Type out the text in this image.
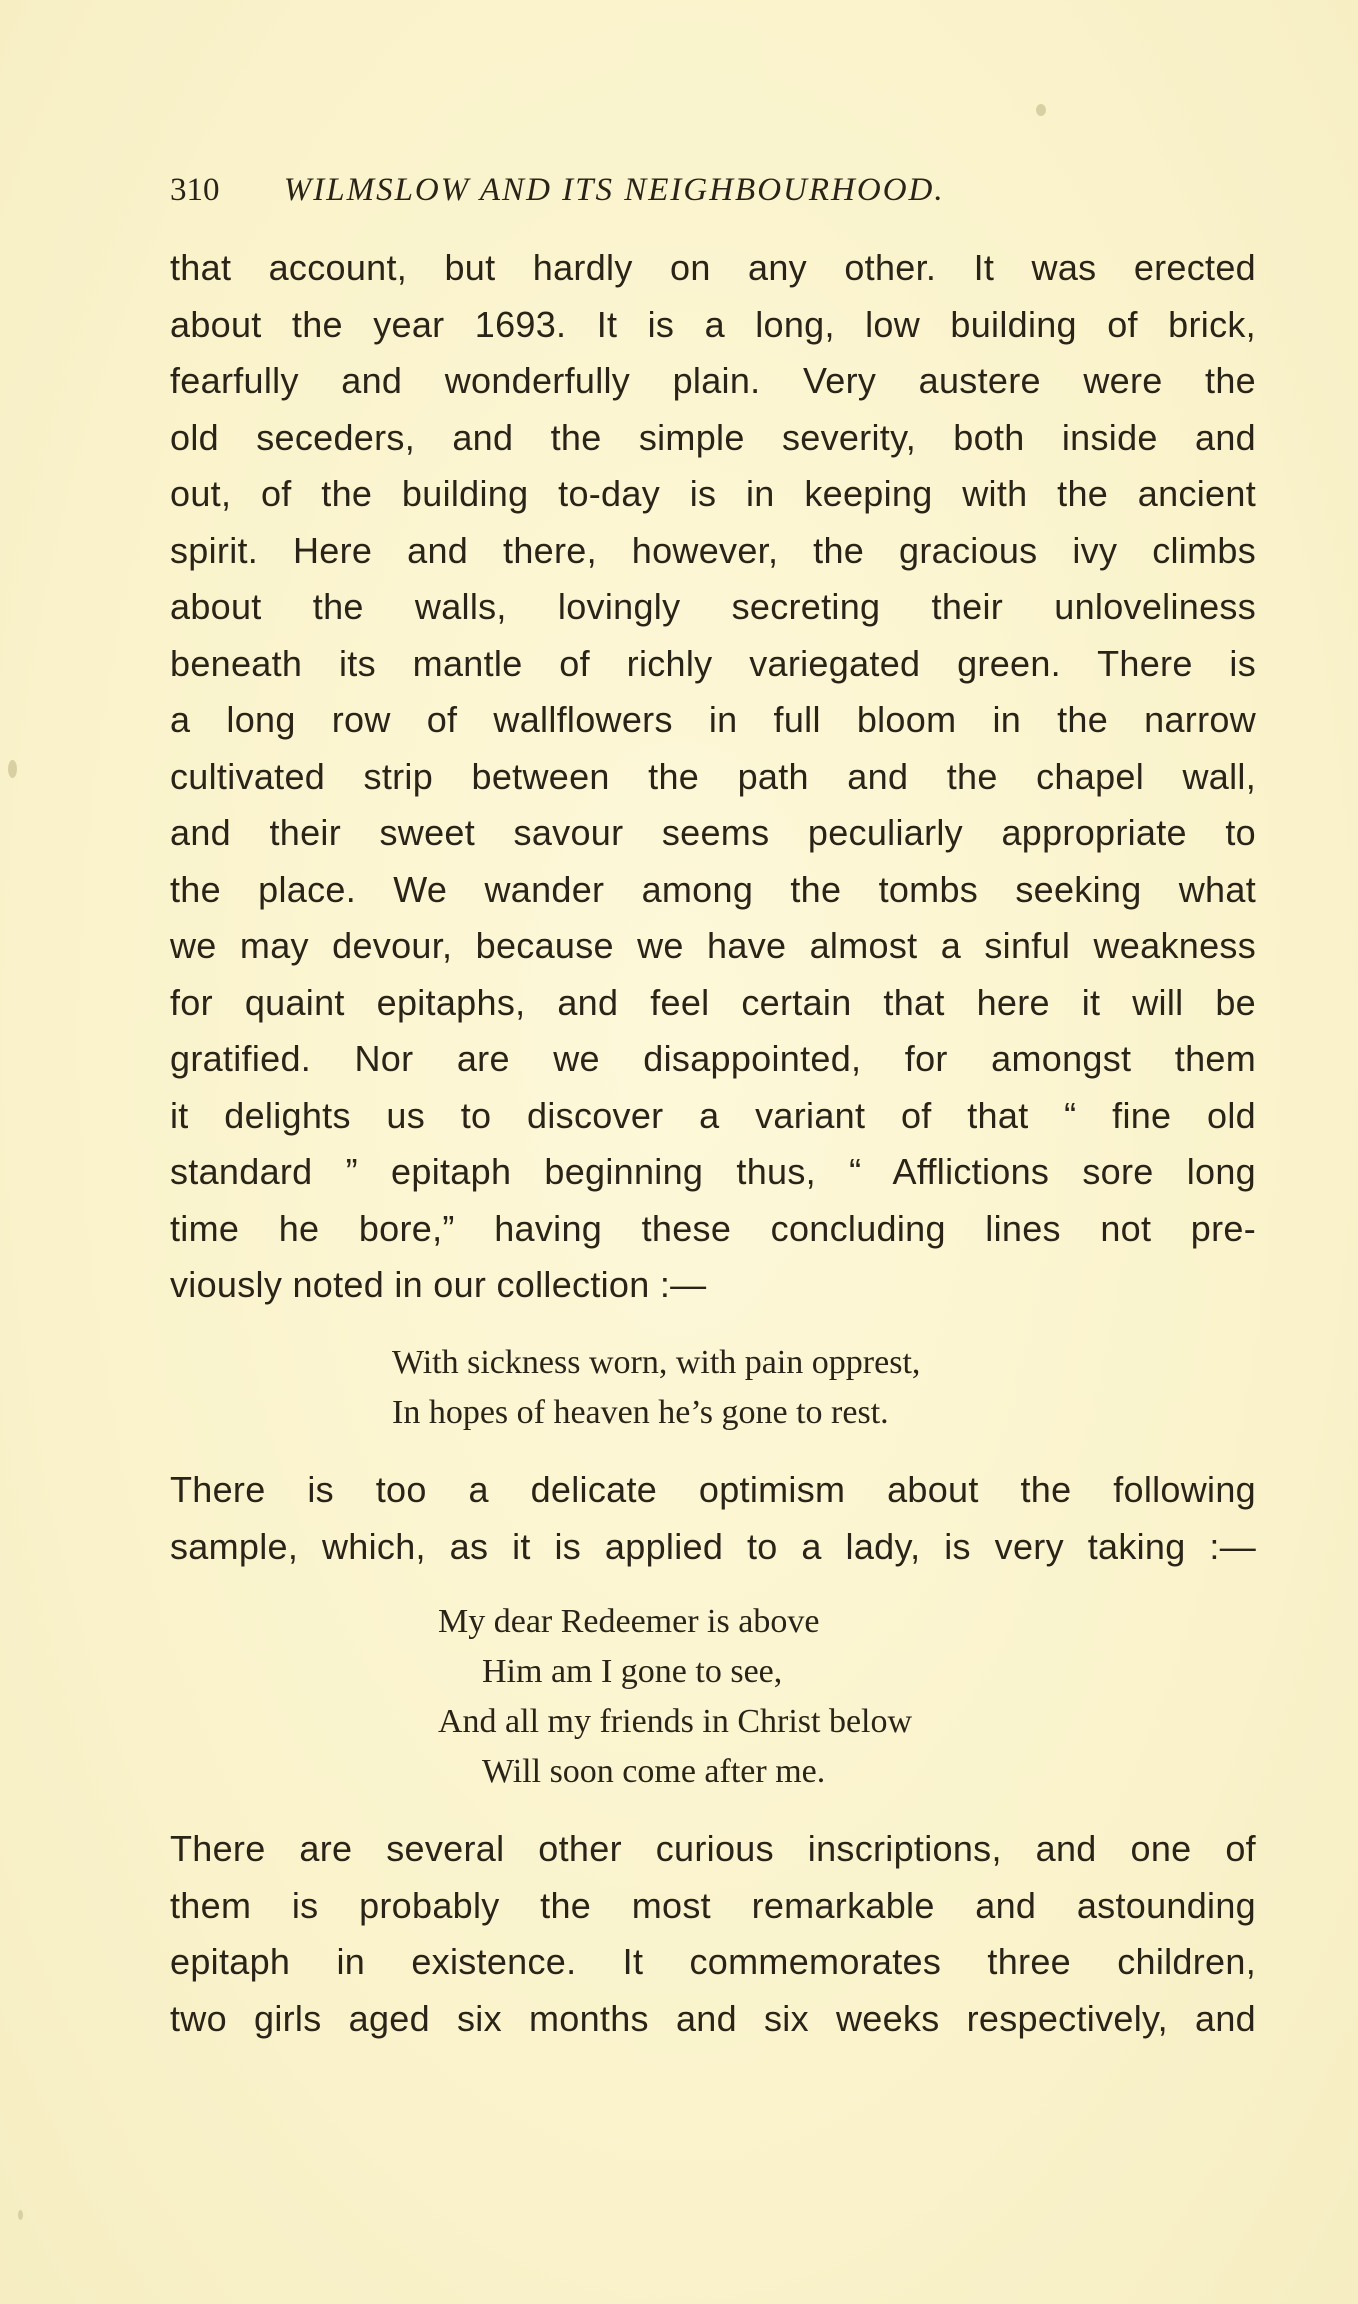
310 WILMSLOW AND ITS NEIGHBOURHOOD.
that account, but hardly on any other. It was erected
about the year 1693. It is a long, low building of brick,
fearfully and wonderfully plain. Very austere were the
old seceders, and the simple severity, both inside and
out, of the building to-day is in keeping with the ancient
spirit. Here and there, however, the gracious ivy climbs
about the walls, lovingly secreting their unloveliness
beneath its mantle of richly variegated green. There is
a long row of wallflowers in full bloom in the narrow
cultivated strip between the path and the chapel wall,
and their sweet savour seems peculiarly appropriate to
the place. We wander among the tombs seeking what
we may devour, because we have almost a sinful weakness
for quaint epitaphs, and feel certain that here it will be
gratified. Nor are we disappointed, for amongst them
it delights us to discover a variant of that “ fine old
standard ” epitaph beginning thus, “ Afflictions sore long
time he bore,” having these concluding lines not pre-
viously noted in our collection :—
With sickness worn, with pain opprest,
In hopes of heaven he’s gone to rest.
There is too a delicate optimism about the following
sample, which, as it is applied to a lady, is very taking :—
My dear Redeemer is above
Him am I gone to see,
And all my friends in Christ below
Will soon come after me.
There are several other curious inscriptions, and one of
them is probably the most remarkable and astounding
epitaph in existence. It commemorates three children,
two girls aged six months and six weeks respectively, and
